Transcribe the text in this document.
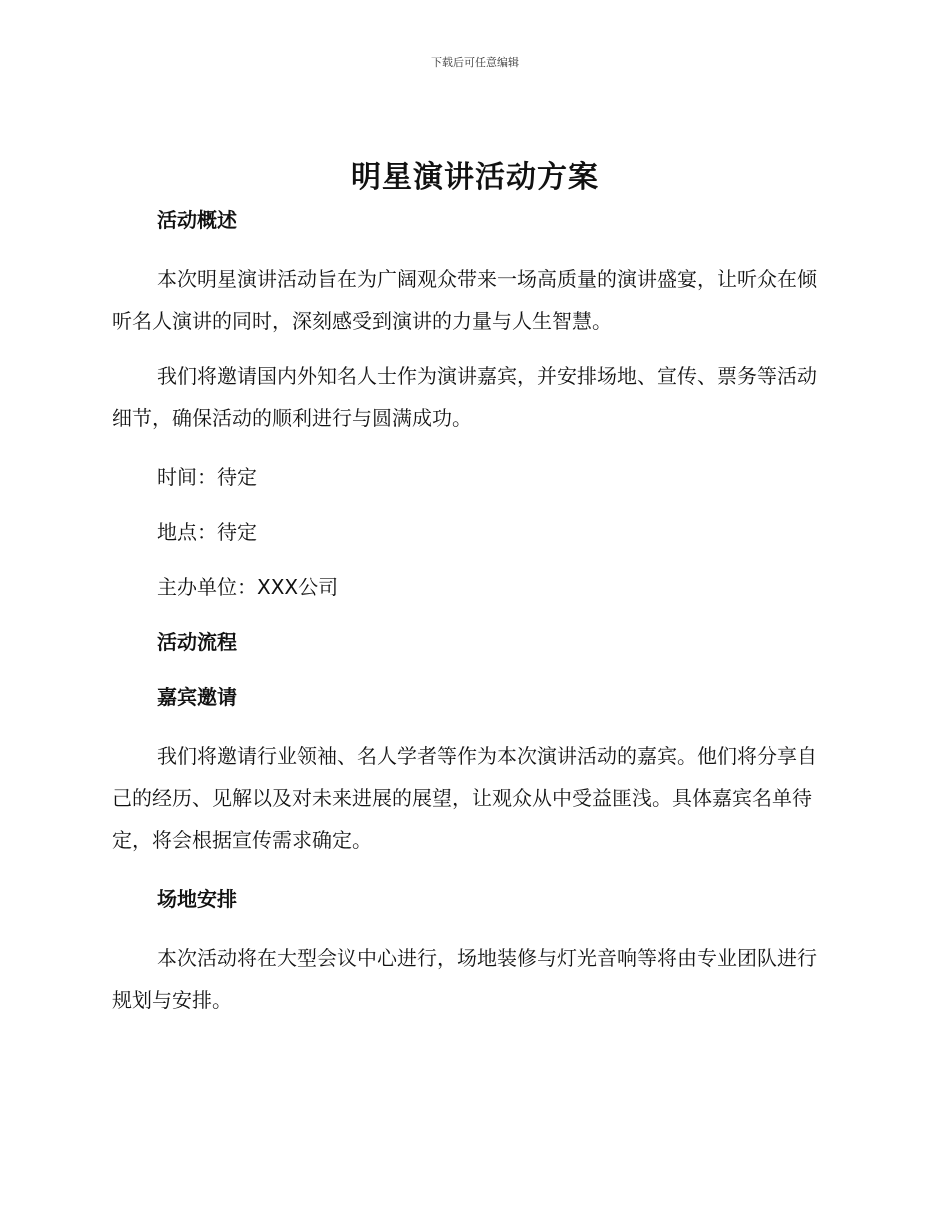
下载后可任意编辑
明星演讲活动方案
活动概述

本次明星演讲活动旨在为广阔观众带来一场高质量的演讲盛宴，让听众在倾听名人演讲的同时，深刻感受到演讲的力量与人生智慧。

我们将邀请国内外知名人士作为演讲嘉宾，并安排场地、宣传、票务等活动细节，确保活动的顺利进行与圆满成功。

时间：待定
地点：待定
主办单位：XXX公司
活动流程
嘉宾邀请

我们将邀请行业领袖、名人学者等作为本次演讲活动的嘉宾。他们将分享自己的经历、见解以及对未来进展的展望，让观众从中受益匪浅。具体嘉宾名单待定，将会根据宣传需求确定。

场地安排

本次活动将在大型会议中心进行，场地装修与灯光音响等将由专业团队进行规划与安排。
